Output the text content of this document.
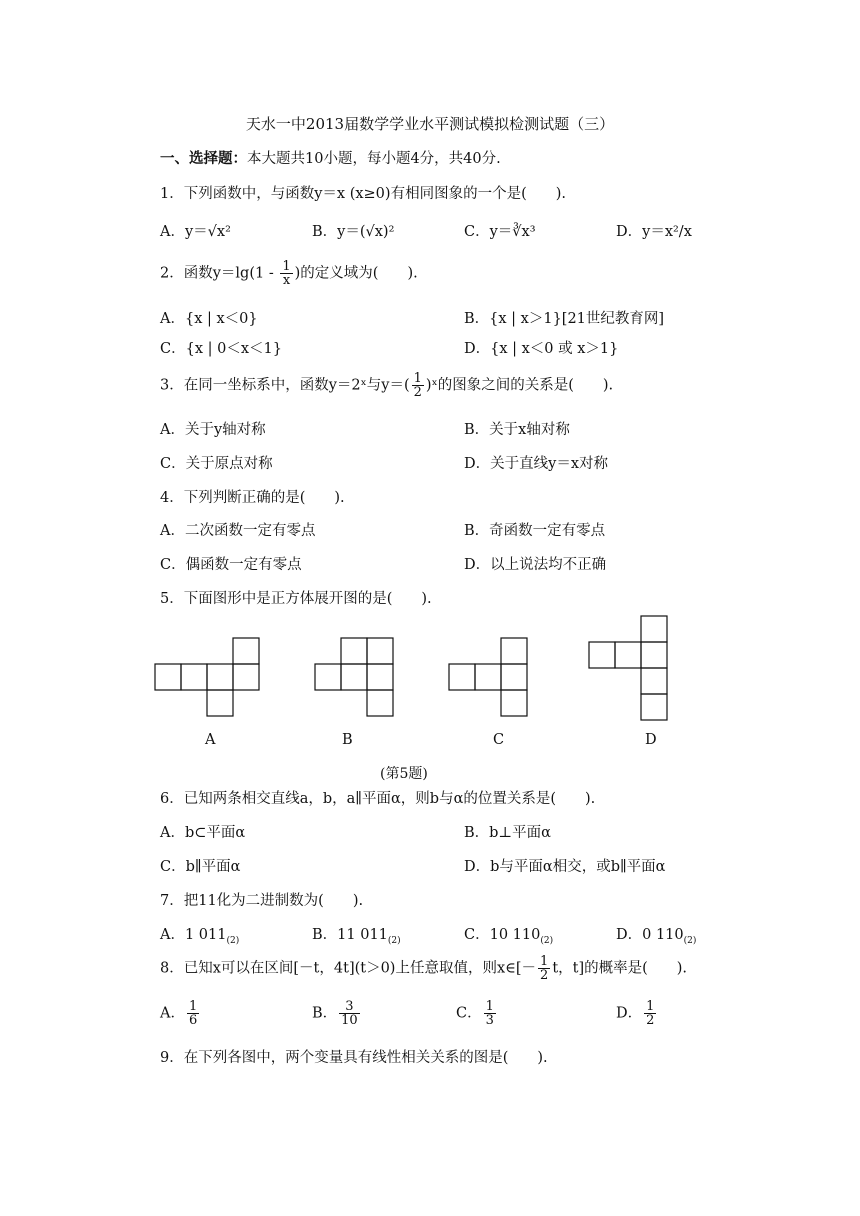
天水一中2013届数学学业水平测试模拟检测试题（三）
一、选择题：本大题共10小题，每小题4分，共40分.
1．下列函数中，与函数y＝x (x≥0)有相同图象的一个是(　　).
A．y＝√x²	B．y＝(√x)²	C．y＝∛x³	D．y＝x²/x
2．函数$y=\lg(1 - \frac{1}{x}$ )的定义域为(　　).
A．{x | x＜0}	B．{x | x＞1}[21世纪教育网]
C．{x | 0＜x＜1}	D．{x | x＜0 或 x＞1}
3．在同一坐标系中，函数y＝2ˣ与$y=( \frac{1}{2}$ )ˣ的图象之间的关系是(　　).
A．关于y轴对称	B．关于x轴对称
C．关于原点对称	D．关于直线y＝x对称
4．下列判断正确的是(　　).
A．二次函数一定有零点	B．奇函数一定有零点
C．偶函数一定有零点	D．以上说法均不正确
5．下面图形中是正方体展开图的是(　　).
A	B	C	D
(第5题)
6．已知两条相交直线a，b，a∥平面α，则b与α的位置关系是(　　).
A．b⊂平面α	B．b⊥平面α
C．b∥平面α	D．b与平面α相交，或b∥平面α
7．把11化为二进制数为(　　).
A．1 $011_{(2)}$	B．11 $011_{(2)}$	C．10 $110_{(2)}$	D．0 $110_{(2)}$
8．已知x可以在区间[－t，4t](t＞0)上任意取值，则x∈[－ $\frac{1}{2}$ t，t]的概率是(　　).
A． $\frac{1}{6}$	B． $\frac{3}{10}$	C． $\frac{1}{3}$	D． $\frac{1}{2}$
9．在下列各图中，两个变量具有线性相关关系的图是(　　).
